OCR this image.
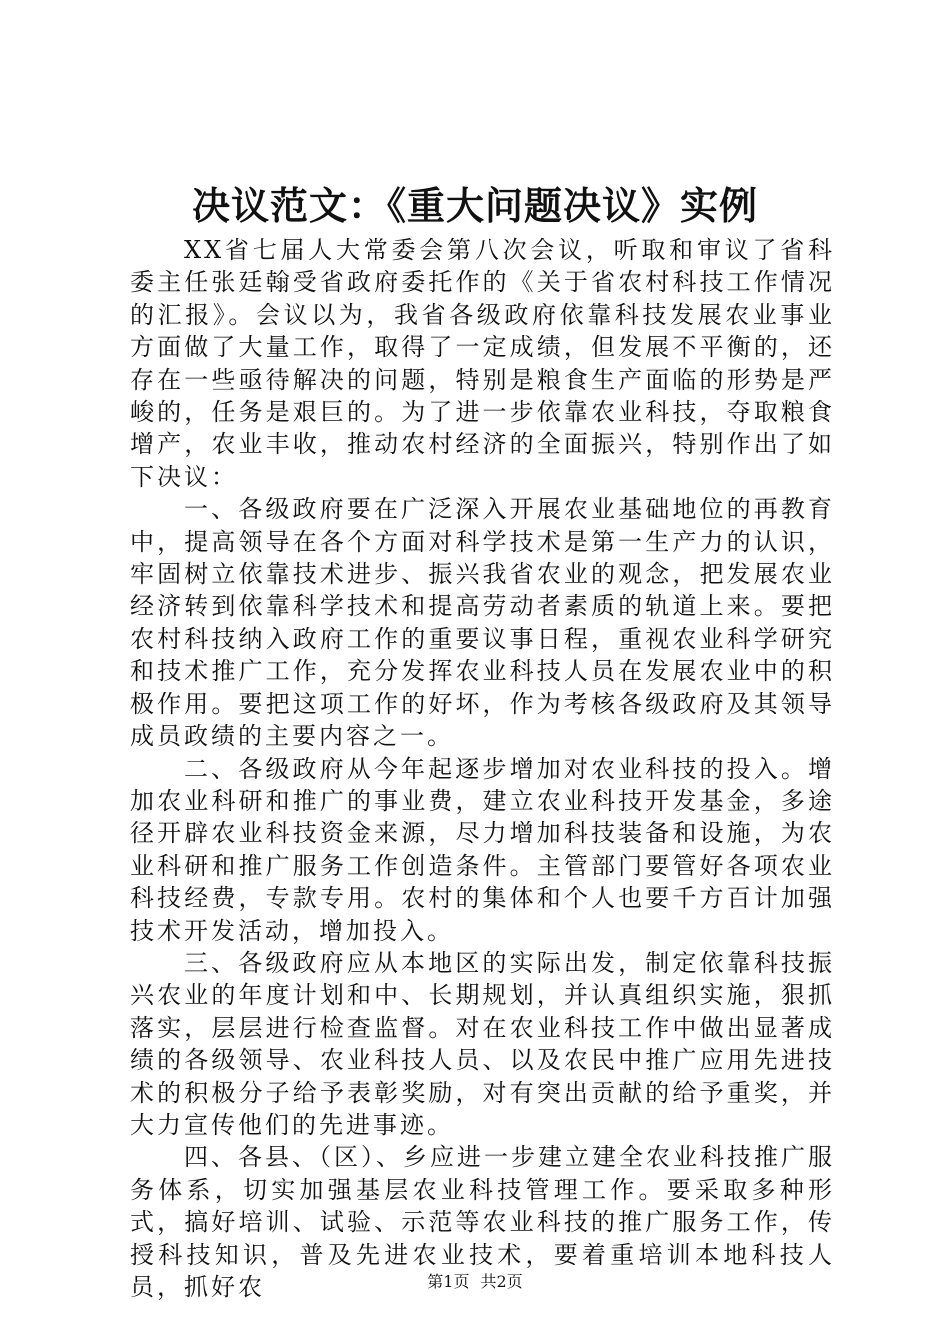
决议范文：《重大问题决议》实例

XX省七届人大常委会第八次会议，听取和审议了省科委主任张廷翰受省政府委托作的《关于省农村科技工作情况的汇报》。会议以为，我省各级政府依靠科技发展农业事业方面做了大量工作，取得了一定成绩，但发展不平衡的，还存在一些亟待解决的问题，特别是粮食生产面临的形势是严峻的，任务是艰巨的。为了进一步依靠农业科技，夺取粮食增产，农业丰收，推动农村经济的全面振兴，特别作出了如下决议：

一、各级政府要在广泛深入开展农业基础地位的再教育中，提高领导在各个方面对科学技术是第一生产力的认识，牢固树立依靠技术进步、振兴我省农业的观念，把发展农业经济转到依靠科学技术和提高劳动者素质的轨道上来。要把农村科技纳入政府工作的重要议事日程，重视农业科学研究和技术推广工作，充分发挥农业科技人员在发展农业中的积极作用。要把这项工作的好坏，作为考核各级政府及其领导成员政绩的主要内容之一。

二、各级政府从今年起逐步增加对农业科技的投入。增加农业科研和推广的事业费，建立农业科技开发基金，多途径开辟农业科技资金来源，尽力增加科技装备和设施，为农业科研和推广服务工作创造条件。主管部门要管好各项农业科技经费，专款专用。农村的集体和个人也要千方百计加强技术开发活动，增加投入。

三、各级政府应从本地区的实际出发，制定依靠科技振兴农业的年度计划和中、长期规划，并认真组织实施，狠抓落实，层层进行检查监督。对在农业科技工作中做出显著成绩的各级领导、农业科技人员、以及农民中推广应用先进技术的积极分子给予表彰奖励，对有突出贡献的给予重奖，并大力宣传他们的先进事迹。

四、各县、（区）、乡应进一步建立建全农业科技推广服务体系，切实加强基层农业科技管理工作。要采取多种形式，搞好培训、试验、示范等农业科技的推广服务工作，传授科技知识，普及先进农业技术，要着重培训本地科技人员，抓好农	第1页 共2页
